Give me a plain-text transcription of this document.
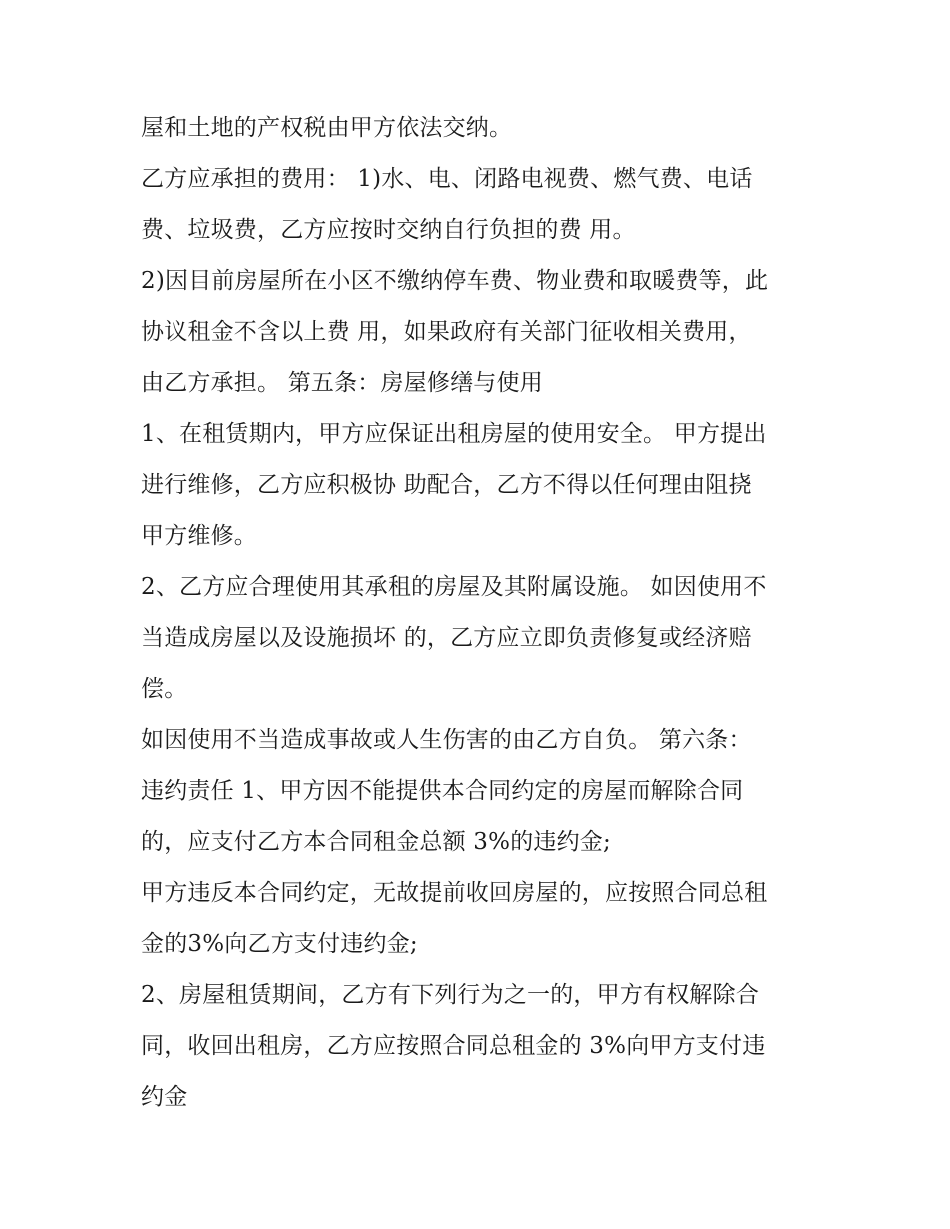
屋和土地的产权税由甲方依法交纳。

乙方应承担的费用： 1)水、电、闭路电视费、燃气费、电话

费、垃圾费，乙方应按时交纳自行负担的费 用。

2)因目前房屋所在小区不缴纳停车费、物业费和取暖费等，此

协议租金不含以上费 用，如果政府有关部门征收相关费用，

由乙方承担。 第五条：房屋修缮与使用

1、在租赁期内，甲方应保证出租房屋的使用安全。 甲方提出

进行维修，乙方应积极协 助配合，乙方不得以任何理由阻挠

甲方维修。

2、乙方应合理使用其承租的房屋及其附属设施。 如因使用不

当造成房屋以及设施损坏 的，乙方应立即负责修复或经济赔

偿。

如因使用不当造成事故或人生伤害的由乙方自负。 第六条：

违约责任 1、甲方因不能提供本合同约定的房屋而解除合同

的，应支付乙方本合同租金总额 3%的违约金;

甲方违反本合同约定，无故提前收回房屋的，应按照合同总租

金的3%向乙方支付违约金;

2、房屋租赁期间，乙方有下列行为之一的，甲方有权解除合

同，收回出租房，乙方应按照合同总租金的 3%向甲方支付违

约金
